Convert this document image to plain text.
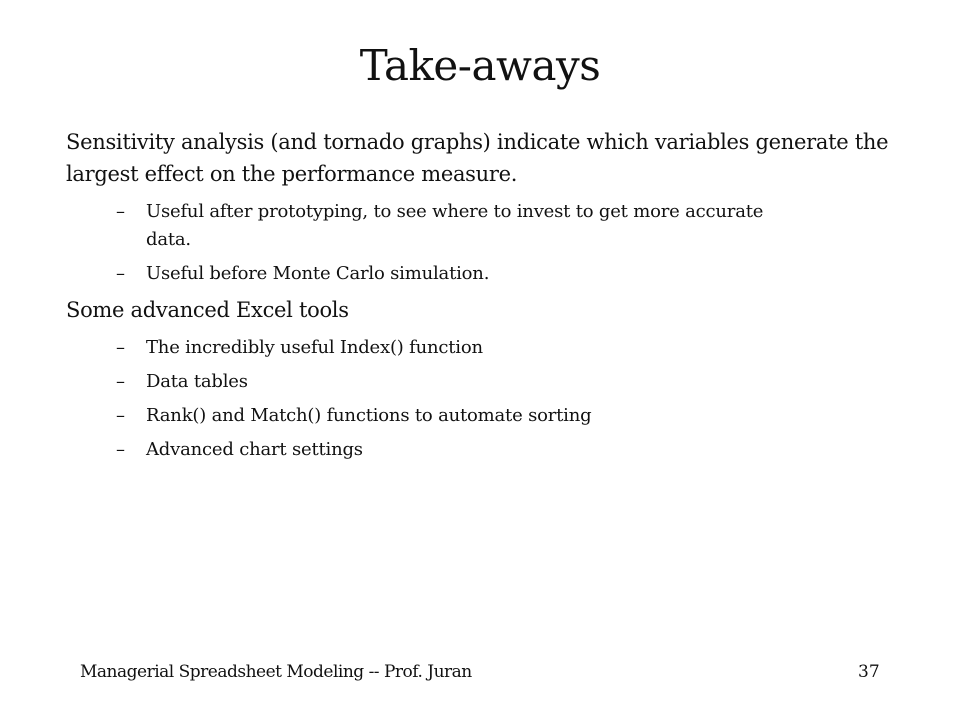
Take-aways

Sensitivity analysis (and tornado graphs) indicate which variables generate the largest effect on the performance measure.

– Useful after prototyping, to see where to invest to get more accurate data.
– Useful before Monte Carlo simulation.

Some advanced Excel tools

– The incredibly useful Index() function
– Data tables
– Rank() and Match() functions to automate sorting
– Advanced chart settings
Managerial Spreadsheet Modeling -- Prof. Juran	37
